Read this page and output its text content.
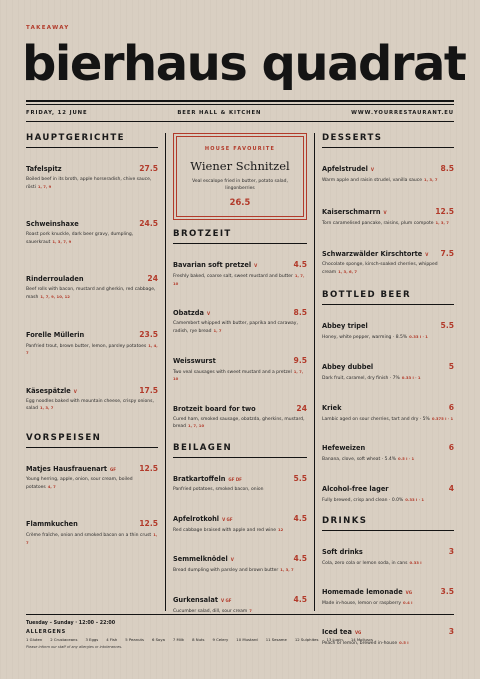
TAKEAWAY
bierhaus quadrat
FRIDAY, 12 JUNE	BEER HALL & KITCHEN	WWW.YOURRESTAURANT.EU
HAUPTGERICHTE
Tafelspitz	27.5
Boiled beef in its broth, apple horseradish, chive sauce, rösti 1, 7, 9
Schweinshaxe	24.5
Roast pork knuckle, dark beer gravy, dumpling, sauerkraut 1, 3, 7, 9
Rinderrouladen	24
Beef rolls with bacon, mustard and gherkin, red cabbage, mash 1, 7, 9, 10, 12
Forelle Müllerin	23.5
Panfried trout, brown butter, lemon, parsley potatoes 1, 4, 7
Käsespätzle V	17.5
Egg noodles baked with mountain cheese, crispy onions, salad 1, 3, 7
VORSPEISEN
Matjes Hausfrauenart GF	12.5
Young herring, apple, onion, sour cream, boiled potatoes 4, 7
Flammkuchen	12.5
Crème fraîche, onion and smoked bacon on a thin crust 1, 7
HOUSE FAVOURITE
Wiener Schnitzel
Veal escalope fried in butter, potato salad, lingonberries
26.5
BROTZEIT
Bavarian soft pretzel V	4.5
Freshly baked, coarse salt, sweet mustard and butter 1, 7, 10
Obatzda V	8.5
Camembert whipped with butter, paprika and caraway, radish, rye bread 1, 7
Weisswurst	9.5
Two veal sausages with sweet mustard and a pretzel 1, 7, 10
Brotzeit board for two	24
Cured ham, smoked sausage, obatzda, gherkins, mustard, bread 1, 7, 10
BEILAGEN
Bratkartoffeln GF DF	5.5
Panfried potatoes, smoked bacon, onion
Apfelrotkohl V GF	4.5
Red cabbage braised with apple and red wine 12
Semmelknödel V	4.5
Bread dumpling with parsley and brown butter 1, 3, 7
Gurkensalat V GF	4.5
Cucumber salad, dill, sour cream 7
DESSERTS
Apfelstrudel V	8.5
Warm apple and raisin strudel, vanilla sauce 1, 3, 7
Kaiserschmarrn V	12.5
Torn caramelised pancake, raisins, plum compote 1, 3, 7
Schwarzwälder Kirschtorte V 7.5
Chocolate sponge, kirsch-soaked cherries, whipped cream 1, 3, 6, 7
BOTTLED BEER
Abbey tripel	5.5
Honey, white pepper, warming · 8.5% 0.33 l · 1
Abbey dubbel	5
Dark fruit, caramel, dry finish · 7% 0.33 l · 1
Kriek	6
Lambic aged on sour cherries, tart and dry · 5% 0.375 l · 1
Hefeweizen	6
Banana, clove, soft wheat · 5.4% 0.5 l · 1
Alcohol-free lager	4
Fully brewed, crisp and clean · 0.0% 0.33 l · 1
DRINKS
Soft drinks	3
Cola, zero cola or lemon soda, in cans 0.33 l
Homemade lemonade VG	3.5
Made in-house, lemon or raspberry 0.4 l
Iced tea VG	3
Peach or lemon, brewed in-house 0.5 l
Tuesday – Sunday · 12:00 – 22:00
ALLERGENS
1 Gluten 2 Crustaceans 3 Eggs 4 Fish 5 Peanuts 6 Soya 7 Milk 8 Nuts 9 Celery 10 Mustard 11 Sesame 12 Sulphites 13 Lupin 14 Molluscs
Please inform our staff of any allergies or intolerances.
